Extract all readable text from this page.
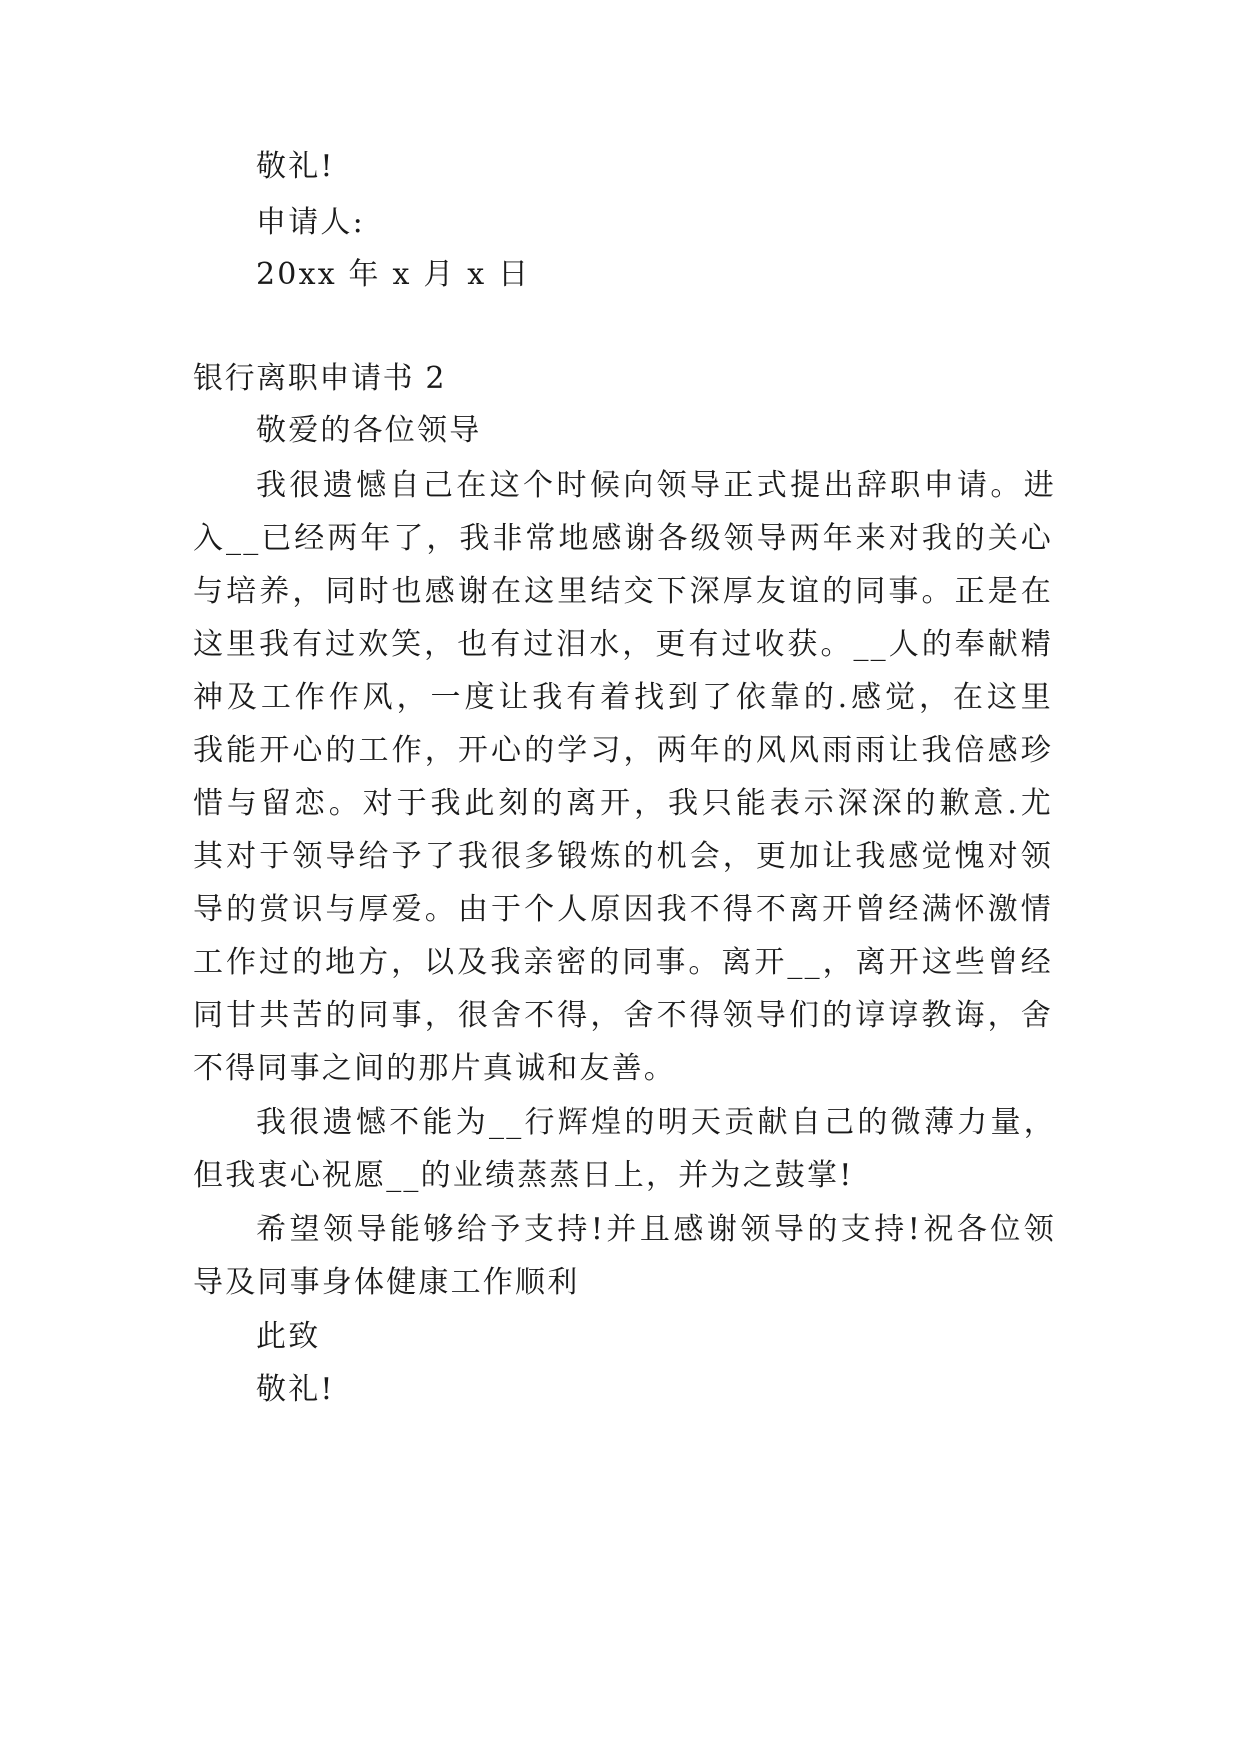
敬礼!
申请人:
20xx 年 x 月 x 日
银行离职申请书 2
敬爱的各位领导
我很遗憾自己在这个时候向领导正式提出辞职申请。进
入__已经两年了，我非常地感谢各级领导两年来对我的关心
与培养，同时也感谢在这里结交下深厚友谊的同事。正是在
这里我有过欢笑，也有过泪水，更有过收获。__人的奉献精
神及工作作风，一度让我有着找到了依靠的.感觉，在这里
我能开心的工作，开心的学习，两年的风风雨雨让我倍感珍
惜与留恋。对于我此刻的离开，我只能表示深深的歉意.尤
其对于领导给予了我很多锻炼的机会，更加让我感觉愧对领
导的赏识与厚爱。由于个人原因我不得不离开曾经满怀激情
工作过的地方，以及我亲密的同事。离开__，离开这些曾经
同甘共苦的同事，很舍不得，舍不得领导们的谆谆教诲，舍
不得同事之间的那片真诚和友善。
我很遗憾不能为__行辉煌的明天贡献自己的微薄力量，
但我衷心祝愿__的业绩蒸蒸日上，并为之鼓掌!
希望领导能够给予支持!并且感谢领导的支持!祝各位领
导及同事身体健康工作顺利
此致
敬礼!
